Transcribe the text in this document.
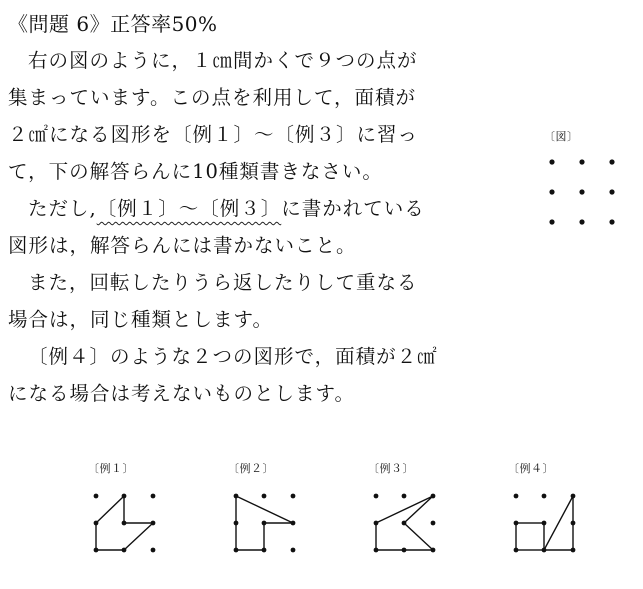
《問題 6》正答率50%
右の図のように，１㎝間かくで９つの点が
集まっています。この点を利用して，面積が
２㎠になる図形を〔例１〕～〔例３〕に習っ
て，下の解答らんに10種類書きなさい。
ただし,〔例１〕～〔例３〕に書かれている
図形は，解答らんには書かないこと。
また，回転したりうら返したりして重なる
場合は，同じ種類とします。
〔例４〕のような２つの図形で，面積が２㎠
になる場合は考えないものとします。
〔図〕
〔例１〕	〔例２〕	〔例３〕	〔例４〕
